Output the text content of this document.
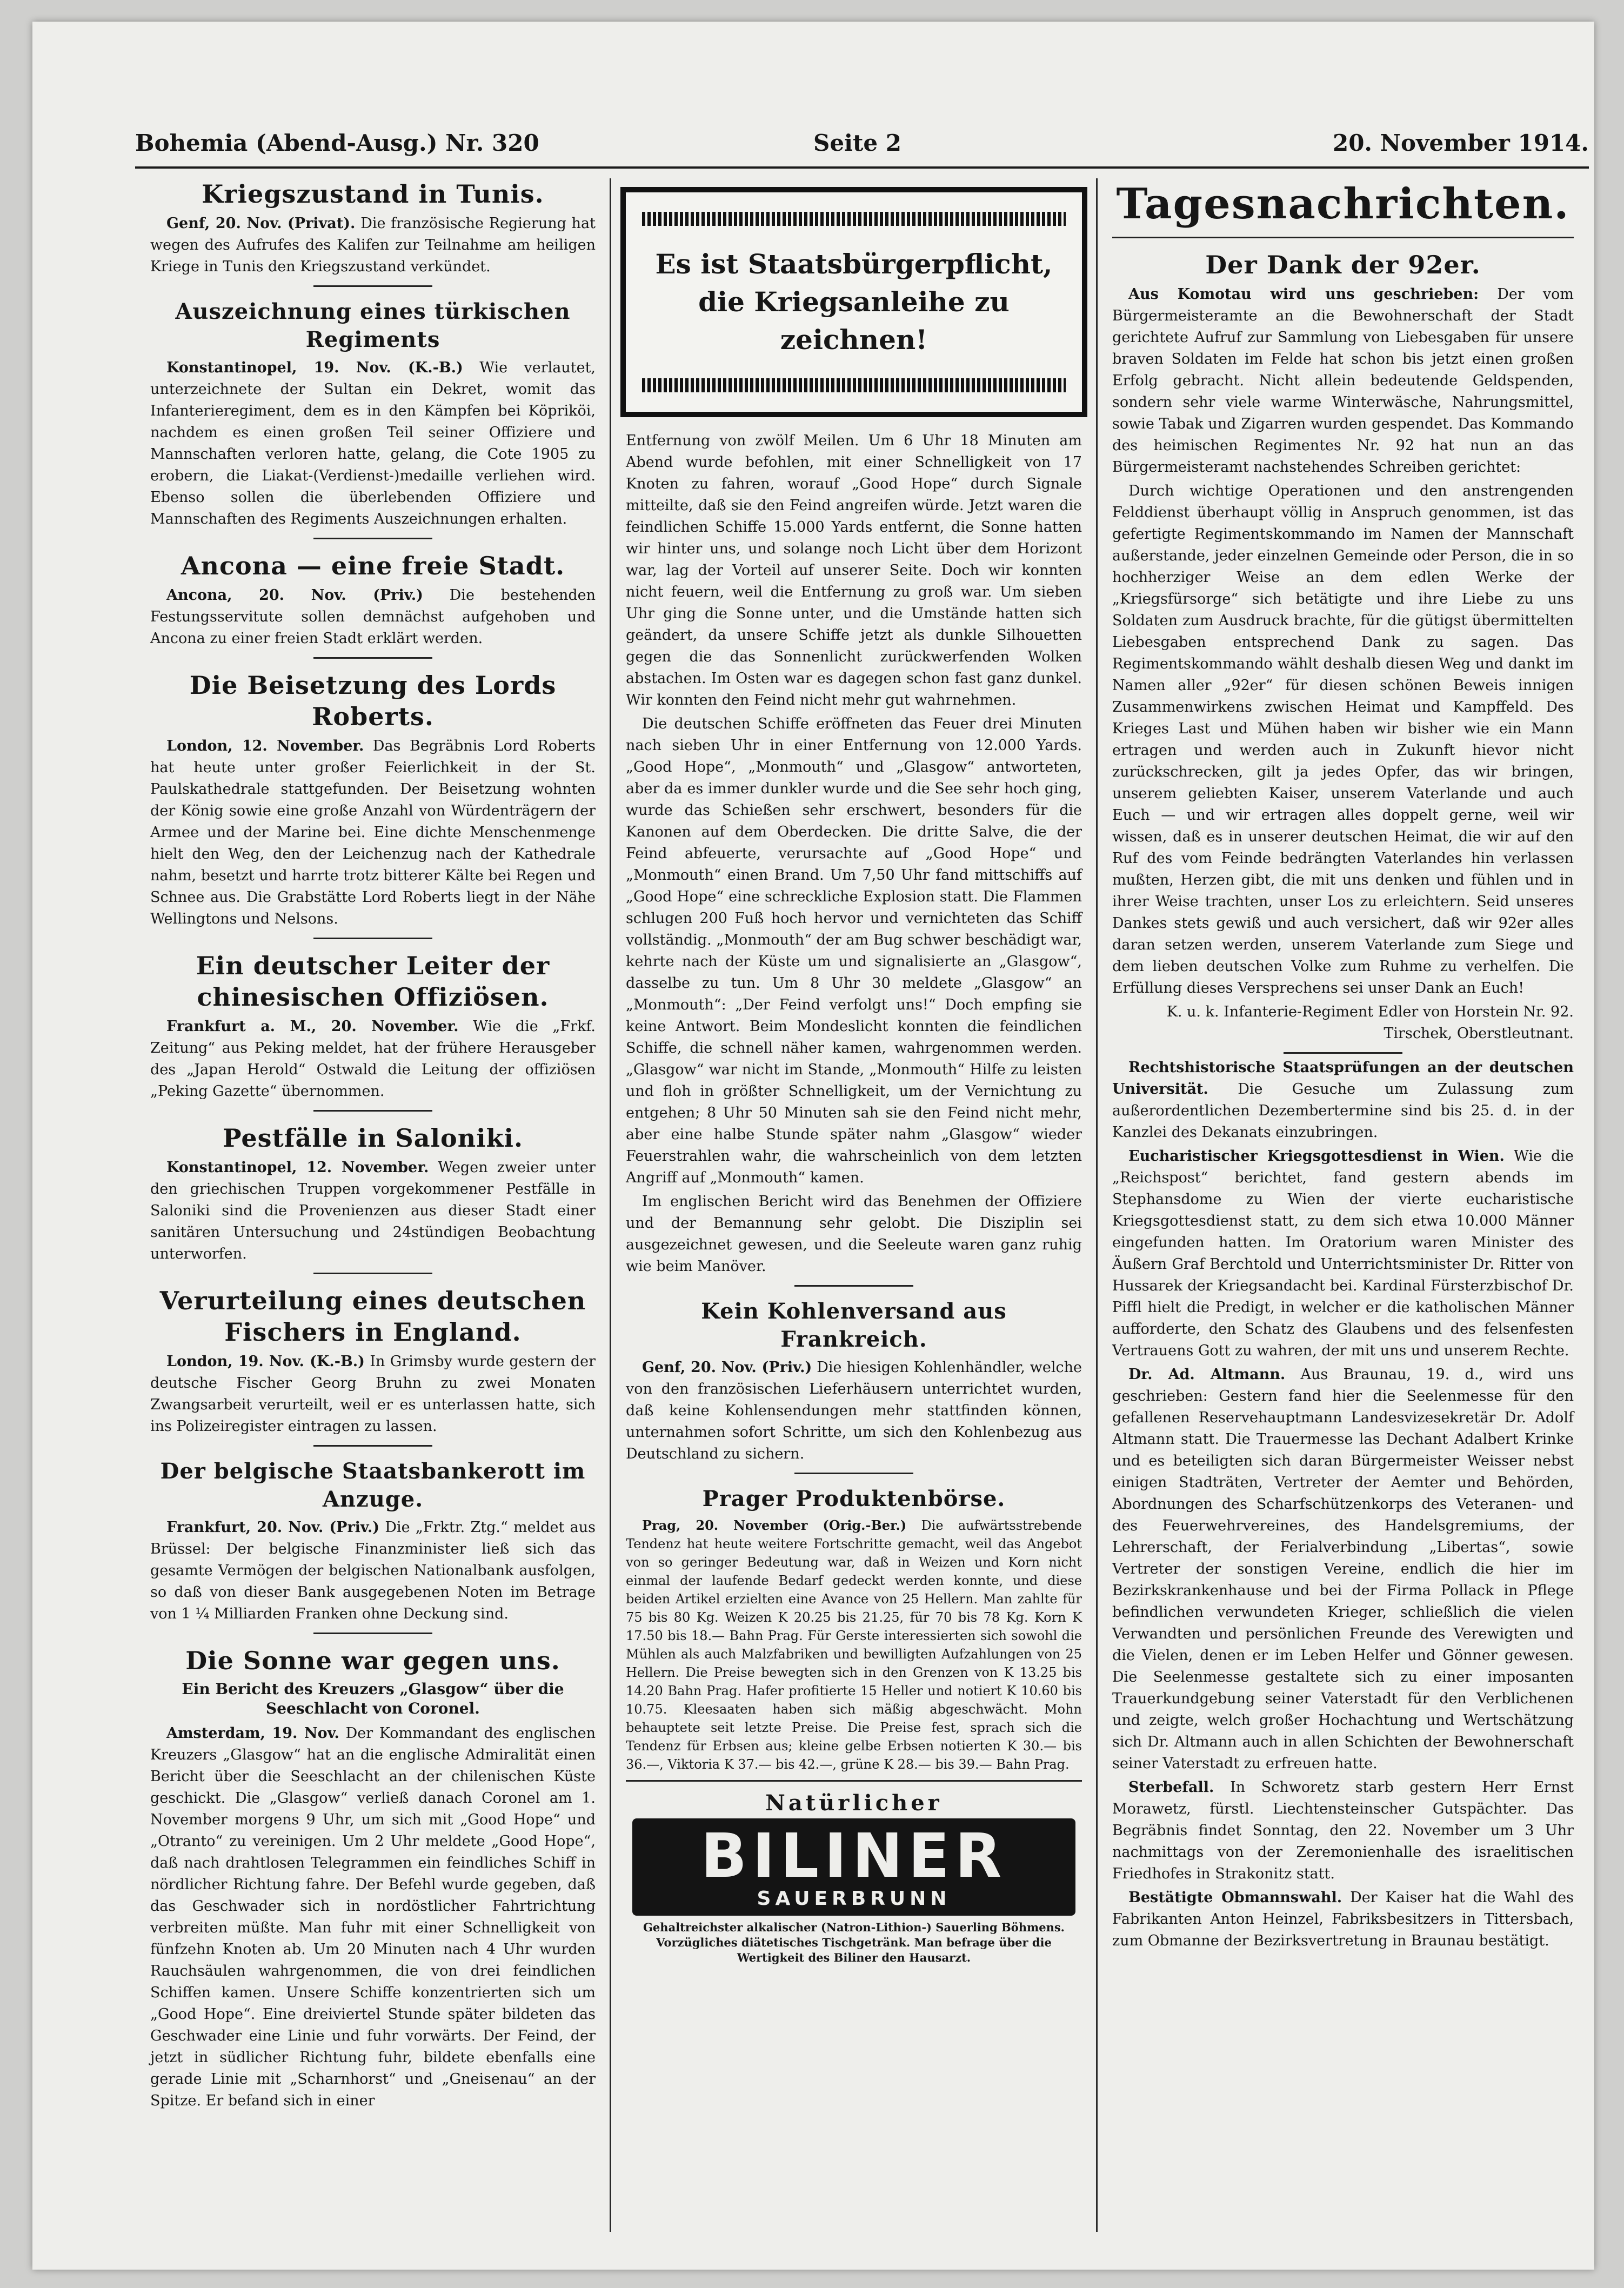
Bohemia (Abend-Ausg.) Nr. 320	Seite 2	20. November 1914.
Kriegszustand in Tunis.

Genf, 20. Nov. (Privat). Die französische Regierung hat wegen des Aufrufes des Kalifen zur Teilnahme am heiligen Kriege in Tunis den Kriegszustand verkündet.

Auszeichnung eines türkischen Regiments

Konstantinopel, 19. Nov. (K.-B.) Wie verlautet, unterzeichnete der Sultan ein Dekret, womit das Infanterieregiment, dem es in den Kämpfen bei Köpriköi, nachdem es einen großen Teil seiner Offiziere und Mannschaften verloren hatte, gelang, die Cote 1905 zu erobern, die Liakat-(Verdienst-)medaille verliehen wird. Ebenso sollen die überlebenden Offiziere und Mannschaften des Regiments Auszeichnungen erhalten.

Ancona — eine freie Stadt.

Ancona, 20. Nov. (Priv.) Die bestehenden Festungsservitute sollen demnächst aufgehoben und Ancona zu einer freien Stadt erklärt werden.

Die Beisetzung des Lords Roberts.

London, 12. November. Das Begräbnis Lord Roberts hat heute unter großer Feierlichkeit in der St. Paulskathedrale stattgefunden. Der Beisetzung wohnten der König sowie eine große Anzahl von Würdenträgern der Armee und der Marine bei. Eine dichte Menschenmenge hielt den Weg, den der Leichenzug nach der Kathedrale nahm, besetzt und harrte trotz bitterer Kälte bei Regen und Schnee aus. Die Grabstätte Lord Roberts liegt in der Nähe Wellingtons und Nelsons.

Ein deutscher Leiter der chinesischen Offiziösen.

Frankfurt a. M., 20. November. Wie die „Frkf. Zeitung“ aus Peking meldet, hat der frühere Herausgeber des „Japan Herold“ Ostwald die Leitung der offiziösen „Peking Gazette“ übernommen.

Pestfälle in Saloniki.

Konstantinopel, 12. November. Wegen zweier unter den griechischen Truppen vorgekommener Pestfälle in Saloniki sind die Provenienzen aus dieser Stadt einer sanitären Untersuchung und 24stündigen Beobachtung unterworfen.

Verurteilung eines deutschen Fischers in England.

London, 19. Nov. (K.-B.) In Grimsby wurde gestern der deutsche Fischer Georg Bruhn zu zwei Monaten Zwangsarbeit verurteilt, weil er es unterlassen hatte, sich ins Polizeiregister eintragen zu lassen.

Der belgische Staatsbankerott im Anzuge.

Frankfurt, 20. Nov. (Priv.) Die „Frktr. Ztg.“ meldet aus Brüssel: Der belgische Finanzminister ließ sich das gesamte Vermögen der belgischen Nationalbank ausfolgen, so daß von dieser Bank ausgegebenen Noten im Betrage von 1 ¼ Milliarden Franken ohne Deckung sind.

Die Sonne war gegen uns.
Ein Bericht des Kreuzers „Glasgow“ über die Seeschlacht von Coronel.

Amsterdam, 19. Nov. Der Kommandant des englischen Kreuzers „Glasgow“ hat an die englische Admiralität einen Bericht über die Seeschlacht an der chilenischen Küste geschickt. Die „Glasgow“ verließ danach Coronel am 1. November morgens 9 Uhr, um sich mit „Good Hope“ und „Otranto“ zu vereinigen. Um 2 Uhr meldete „Good Hope“, daß nach drahtlosen Telegrammen ein feindliches Schiff in nördlicher Richtung fahre. Der Befehl wurde gegeben, daß das Geschwader sich in nordöstlicher Fahrtrichtung verbreiten müßte. Man fuhr mit einer Schnelligkeit von fünfzehn Knoten ab. Um 20 Minuten nach 4 Uhr wurden Rauchsäulen wahrgenommen, die von drei feindlichen Schiffen kamen. Unsere Schiffe konzentrierten sich um „Good Hope“. Eine dreiviertel Stunde später bildeten das Geschwader eine Linie und fuhr vorwärts. Der Feind, der jetzt in südlicher Richtung fuhr, bildete ebenfalls eine gerade Linie mit „Scharnhorst“ und „Gneisenau“ an der Spitze. Er befand sich in einer

Es ist Staatsbürgerpflicht, die Kriegsanleihe zu zeichnen!

Entfernung von zwölf Meilen. Um 6 Uhr 18 Minuten am Abend wurde befohlen, mit einer Schnelligkeit von 17 Knoten zu fahren, worauf „Good Hope“ durch Signale mitteilte, daß sie den Feind angreifen würde. Jetzt waren die feindlichen Schiffe 15.000 Yards entfernt, die Sonne hatten wir hinter uns, und solange noch Licht über dem Horizont war, lag der Vorteil auf unserer Seite. Doch wir konnten nicht feuern, weil die Entfernung zu groß war. Um sieben Uhr ging die Sonne unter, und die Umstände hatten sich geändert, da unsere Schiffe jetzt als dunkle Silhouetten gegen die das Sonnenlicht zurückwerfenden Wolken abstachen. Im Osten war es dagegen schon fast ganz dunkel. Wir konnten den Feind nicht mehr gut wahrnehmen.

Die deutschen Schiffe eröffneten das Feuer drei Minuten nach sieben Uhr in einer Entfernung von 12.000 Yards. „Good Hope“, „Monmouth“ und „Glasgow“ antworteten, aber da es immer dunkler wurde und die See sehr hoch ging, wurde das Schießen sehr erschwert, besonders für die Kanonen auf dem Oberdecken. Die dritte Salve, die der Feind abfeuerte, verursachte auf „Good Hope“ und „Monmouth“ einen Brand. Um 7,50 Uhr fand mittschiffs auf „Good Hope“ eine schreckliche Explosion statt. Die Flammen schlugen 200 Fuß hoch hervor und vernichteten das Schiff vollständig. „Monmouth“ der am Bug schwer beschädigt war, kehrte nach der Küste um und signalisierte an „Glasgow“, dasselbe zu tun. Um 8 Uhr 30 meldete „Glasgow“ an „Monmouth“: „Der Feind verfolgt uns!“ Doch empfing sie keine Antwort. Beim Mondeslicht konnten die feindlichen Schiffe, die schnell näher kamen, wahrgenommen werden. „Glasgow“ war nicht im Stande, „Monmouth“ Hilfe zu leisten und floh in größter Schnelligkeit, um der Vernichtung zu entgehen; 8 Uhr 50 Minuten sah sie den Feind nicht mehr, aber eine halbe Stunde später nahm „Glasgow“ wieder Feuerstrahlen wahr, die wahrscheinlich von dem letzten Angriff auf „Monmouth“ kamen.

Im englischen Bericht wird das Benehmen der Offiziere und der Bemannung sehr gelobt. Die Disziplin sei ausgezeichnet gewesen, und die Seeleute waren ganz ruhig wie beim Manöver.

Kein Kohlenversand aus Frankreich.

Genf, 20. Nov. (Priv.) Die hiesigen Kohlenhändler, welche von den französischen Lieferhäusern unterrichtet wurden, daß keine Kohlensendungen mehr stattfinden können, unternahmen sofort Schritte, um sich den Kohlenbezug aus Deutschland zu sichern.

Prager Produktenbörse.

Prag, 20. November (Orig.-Ber.) Die aufwärtsstrebende Tendenz hat heute weitere Fortschritte gemacht, weil das Angebot von so geringer Bedeutung war, daß in Weizen und Korn nicht einmal der laufende Bedarf gedeckt werden konnte, und diese beiden Artikel erzielten eine Avance von 25 Hellern. Man zahlte für 75 bis 80 Kg. Weizen K 20.25 bis 21.25, für 70 bis 78 Kg. Korn K 17.50 bis 18.— Bahn Prag. Für Gerste interessierten sich sowohl die Mühlen als auch Malzfabriken und bewilligten Aufzahlungen von 25 Hellern. Die Preise bewegten sich in den Grenzen von K 13.25 bis 14.20 Bahn Prag. Hafer profitierte 15 Heller und notiert K 10.60 bis 10.75. Kleesaaten haben sich mäßig abgeschwächt. Mohn behauptete seit letzte Preise. Die Preise fest, sprach sich die Tendenz für Erbsen aus; kleine gelbe Erbsen notierten K 30.— bis 36.—, Viktoria K 37.— bis 42.—, grüne K 28.— bis 39.— Bahn Prag.

Natürlicher
BILINER
SAUERBRUNN
Gehaltreichster alkalischer (Natron-Lithion-) Sauerling Böhmens. Vorzügliches diätetisches Tischgetränk. Man befrage über die Wertigkeit des Biliner den Hausarzt.
Tagesnachrichten.
Der Dank der 92er.

Aus Komotau wird uns geschrieben: Der vom Bürgermeisteramte an die Bewohnerschaft der Stadt gerichtete Aufruf zur Sammlung von Liebesgaben für unsere braven Soldaten im Felde hat schon bis jetzt einen großen Erfolg gebracht. Nicht allein bedeutende Geldspenden, sondern sehr viele warme Winterwäsche, Nahrungsmittel, sowie Tabak und Zigarren wurden gespendet. Das Kommando des heimischen Regimentes Nr. 92 hat nun an das Bürgermeisteramt nachstehendes Schreiben gerichtet:

Durch wichtige Operationen und den anstrengenden Felddienst überhaupt völlig in Anspruch genommen, ist das gefertigte Regimentskommando im Namen der Mannschaft außerstande, jeder einzelnen Gemeinde oder Person, die in so hochherziger Weise an dem edlen Werke der „Kriegsfürsorge“ sich betätigte und ihre Liebe zu uns Soldaten zum Ausdruck brachte, für die gütigst übermittelten Liebesgaben entsprechend Dank zu sagen. Das Regimentskommando wählt deshalb diesen Weg und dankt im Namen aller „92er“ für diesen schönen Beweis innigen Zusammenwirkens zwischen Heimat und Kampffeld. Des Krieges Last und Mühen haben wir bisher wie ein Mann ertragen und werden auch in Zukunft hievor nicht zurückschrecken, gilt ja jedes Opfer, das wir bringen, unserem geliebten Kaiser, unserem Vaterlande und auch Euch — und wir ertragen alles doppelt gerne, weil wir wissen, daß es in unserer deutschen Heimat, die wir auf den Ruf des vom Feinde bedrängten Vaterlandes hin verlassen mußten, Herzen gibt, die mit uns denken und fühlen und in ihrer Weise trachten, unser Los zu erleichtern. Seid unseres Dankes stets gewiß und auch versichert, daß wir 92er alles daran setzen werden, unserem Vaterlande zum Siege und dem lieben deutschen Volke zum Ruhme zu verhelfen. Die Erfüllung dieses Versprechens sei unser Dank an Euch!

K. u. k. Infanterie-Regiment Edler von Horstein Nr. 92. Tirschek, Oberstleutnant.

Rechtshistorische Staatsprüfungen an der deutschen Universität. Die Gesuche um Zulassung zum außerordentlichen Dezembertermine sind bis 25. d. in der Kanzlei des Dekanats einzubringen.

Eucharistischer Kriegsgottesdienst in Wien. Wie die „Reichspost“ berichtet, fand gestern abends im Stephansdome zu Wien der vierte eucharistische Kriegsgottesdienst statt, zu dem sich etwa 10.000 Männer eingefunden hatten. Im Oratorium waren Minister des Äußern Graf Berchtold und Unterrichtsminister Dr. Ritter von Hussarek der Kriegsandacht bei. Kardinal Fürsterzbischof Dr. Piffl hielt die Predigt, in welcher er die katholischen Männer aufforderte, den Schatz des Glaubens und des felsenfesten Vertrauens Gott zu wahren, der mit uns und unserem Rechte.

Dr. Ad. Altmann. Aus Braunau, 19. d., wird uns geschrieben: Gestern fand hier die Seelenmesse für den gefallenen Reservehauptmann Landesvizesekretär Dr. Adolf Altmann statt. Die Trauermesse las Dechant Adalbert Krinke und es beteiligten sich daran Bürgermeister Weisser nebst einigen Stadträten, Vertreter der Aemter und Behörden, Abordnungen des Scharfschützenkorps des Veteranen- und des Feuerwehrvereines, des Handelsgremiums, der Lehrerschaft, der Ferialverbindung „Libertas“, sowie Vertreter der sonstigen Vereine, endlich die hier im Bezirkskrankenhause und bei der Firma Pollack in Pflege befindlichen verwundeten Krieger, schließlich die vielen Verwandten und persönlichen Freunde des Verewigten und die Vielen, denen er im Leben Helfer und Gönner gewesen. Die Seelenmesse gestaltete sich zu einer imposanten Trauerkundgebung seiner Vaterstadt für den Verblichenen und zeigte, welch großer Hochachtung und Wertschätzung sich Dr. Altmann auch in allen Schichten der Bewohnerschaft seiner Vaterstadt zu erfreuen hatte.

Sterbefall. In Schworetz starb gestern Herr Ernst Morawetz, fürstl. Liechtensteinscher Gutspächter. Das Begräbnis findet Sonntag, den 22. November um 3 Uhr nachmittags von der Zeremonienhalle des israelitischen Friedhofes in Strakonitz statt.

Bestätigte Obmannswahl. Der Kaiser hat die Wahl des Fabrikanten Anton Heinzel, Fabriksbesitzers in Tittersbach, zum Obmanne der Bezirksvertretung in Braunau bestätigt.
